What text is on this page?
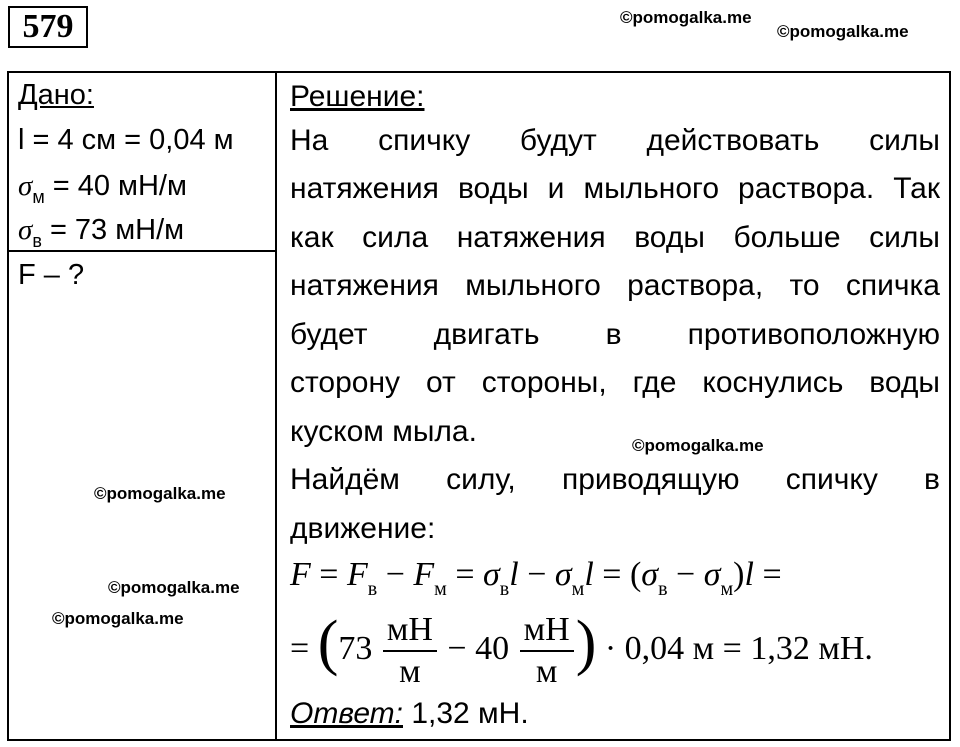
579	©pomogalka.me
©pomogalka.me
©pomogalka.me
©pomogalka.me
©pomogalka.me
©pomogalka.me
Дано:
l = 4 см = 0,04 м
$\sigma_м = 40$ мН/м
$\sigma_в = 73$ мН/м
F – ?
Решение:
На спичку будут действовать силы
натяжения воды и мыльного раствора. Так
как сила натяжения воды больше силы
натяжения мыльного раствора, то спичка
будет двигать в противоположную
сторону от стороны, где коснулись воды
куском мыла.
Найдём силу, приводящую спичку в
движение:
$F = F_в - F_м = \sigma_вl - \sigma_мl = (\sigma_в - \sigma_м)l$ =
= ($73 \frac{мН}{м} - 40 \frac{мН}{м}$ ) · 0,04 м = 1,32 мН.
Ответ: 1,32 мН.
